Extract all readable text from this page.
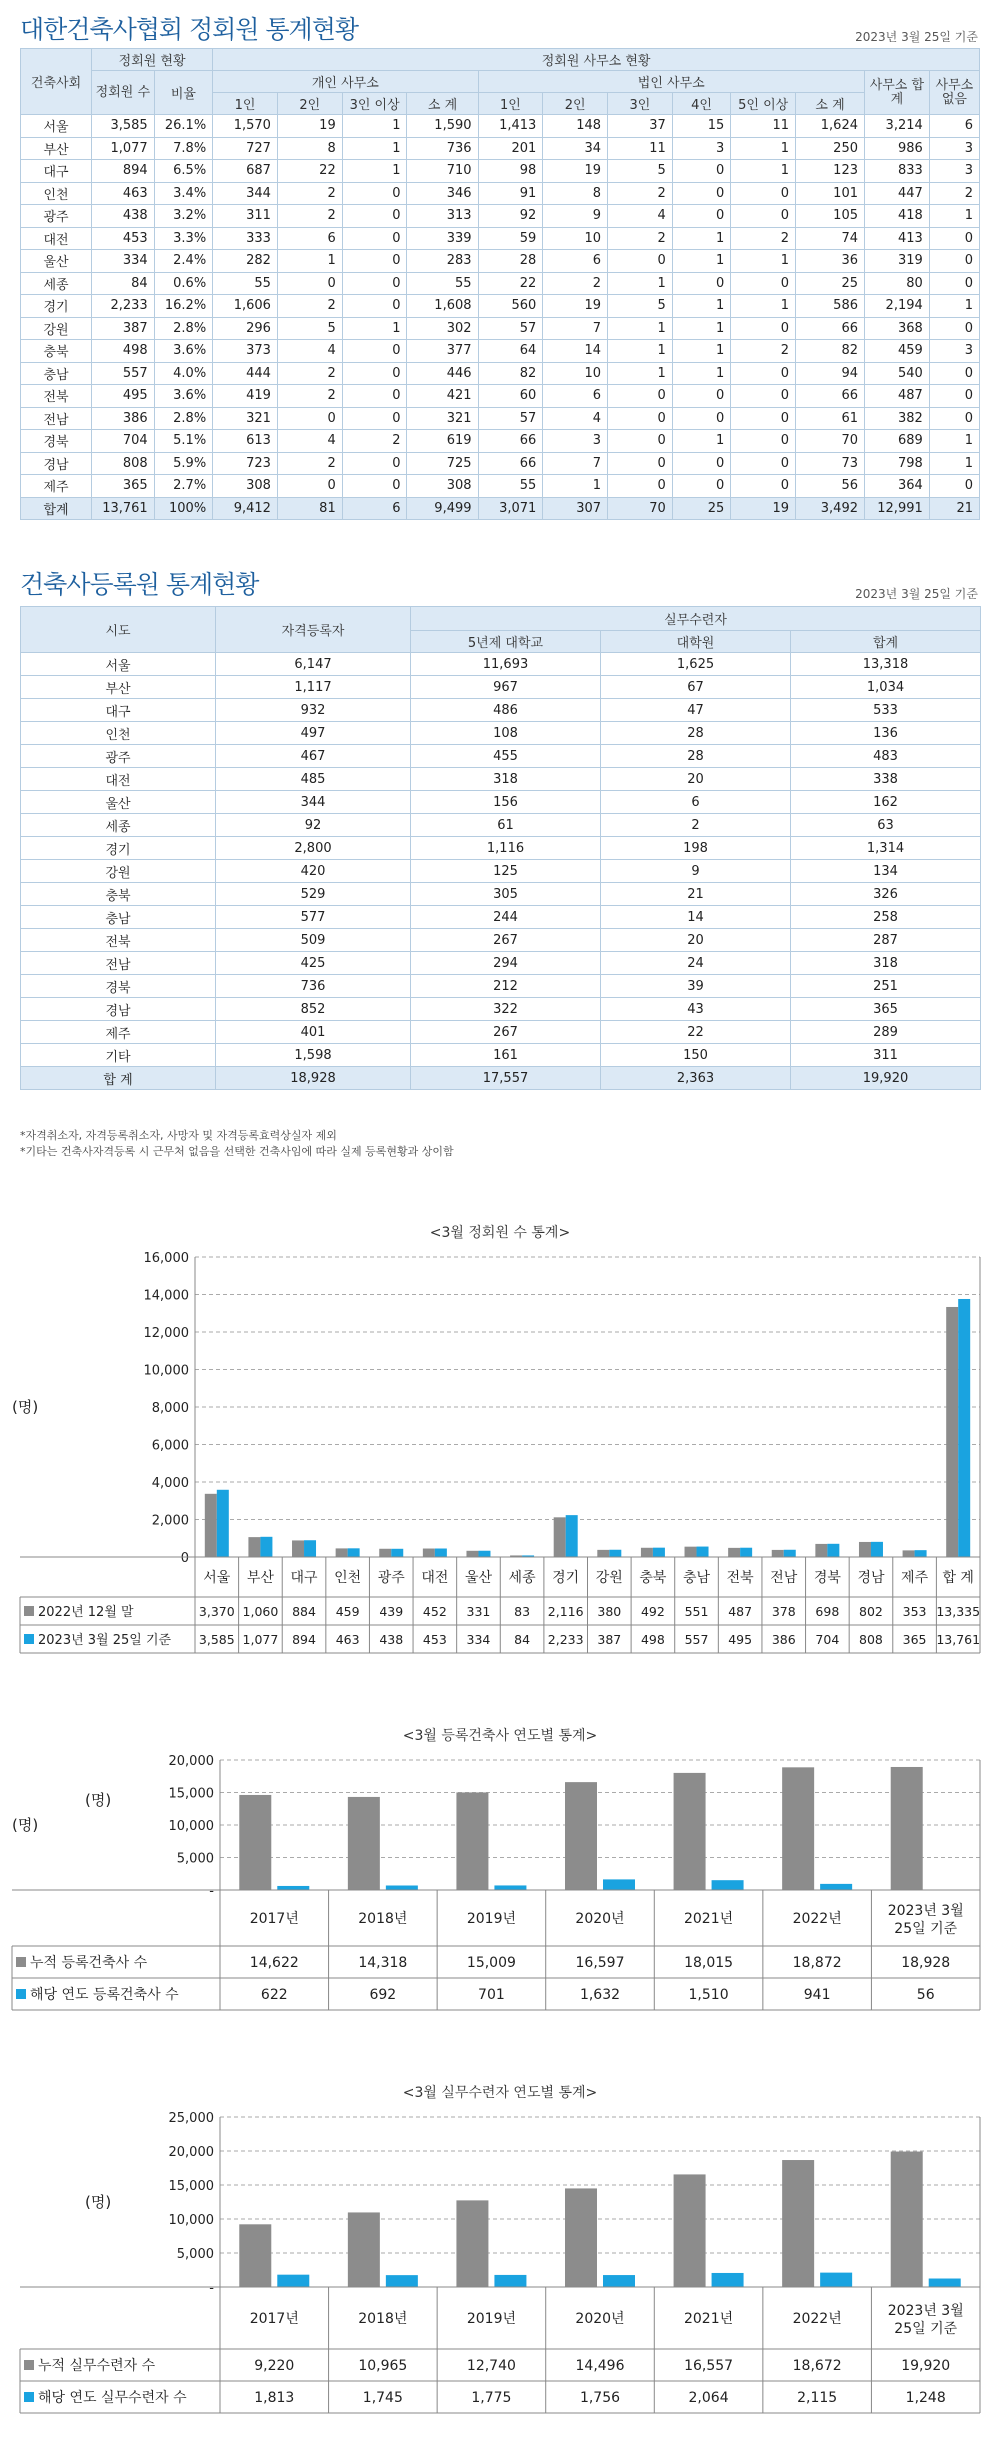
대한건축사협회 정회원 통계현황	2023년 3월 25일 기준
건축사회	정회원 현황		정회원 사무소 현황											
	정회원 수	비율	개인 사무소				법인 사무소						사무소 합계	사무소 없음
			1인	2인	3인 이상	소 계	1인	2인	3인	4인	5인 이상	소 계		
서울	3,585	26.1%	1,570	19	1	1,590	1,413	148	37	15	11	1,624	3,214	6
부산	1,077	7.8%	727	8	1	736	201	34	11	3	1	250	986	3
대구	894	6.5%	687	22	1	710	98	19	5	0	1	123	833	3
인천	463	3.4%	344	2	0	346	91	8	2	0	0	101	447	2
광주	438	3.2%	311	2	0	313	92	9	4	0	0	105	418	1
대전	453	3.3%	333	6	0	339	59	10	2	1	2	74	413	0
울산	334	2.4%	282	1	0	283	28	6	0	1	1	36	319	0
세종	84	0.6%	55	0	0	55	22	2	1	0	0	25	80	0
경기	2,233	16.2%	1,606	2	0	1,608	560	19	5	1	1	586	2,194	1
강원	387	2.8%	296	5	1	302	57	7	1	1	0	66	368	0
충북	498	3.6%	373	4	0	377	64	14	1	1	2	82	459	3
충남	557	4.0%	444	2	0	446	82	10	1	1	0	94	540	0
전북	495	3.6%	419	2	0	421	60	6	0	0	0	66	487	0
전남	386	2.8%	321	0	0	321	57	4	0	0	0	61	382	0
경북	704	5.1%	613	4	2	619	66	3	0	1	0	70	689	1
경남	808	5.9%	723	2	0	725	66	7	0	0	0	73	798	1
제주	365	2.7%	308	0	0	308	55	1	0	0	0	56	364	0
합계	13,761	100%	9,412	81	6	9,499	3,071	307	70	25	19	3,492	12,991	21
건축사등록원 통계현황	2023년 3월 25일 기준
시도	자격등록자	실무수련자		
		5년제 대학교	대학원	합계
서울	6,147	11,693	1,625	13,318
부산	1,117	967	67	1,034
대구	932	486	47	533
인천	497	108	28	136
광주	467	455	28	483
대전	485	318	20	338
울산	344	156	6	162
세종	92	61	2	63
경기	2,800	1,116	198	1,314
강원	420	125	9	134
충북	529	305	21	326
충남	577	244	14	258
전북	509	267	20	287
전남	425	294	24	318
경북	736	212	39	251
경남	852	322	43	365
제주	401	267	22	289
기타	1,598	161	150	311
합 계	18,928	17,557	2,363	19,920
*자격취소자, 자격등록취소자, 사망자 및 자격등록효력상실자 제외
*기타는 건축사자격등록 시 근무처 없음을 선택한 건축사임에 따라 실제 등록현황과 상이함
<3월 정회원 수 통계>
(명)
0
2,000
4,000
6,000
8,000
10,000
12,000
14,000
16,000
서울 부산 대구 인천 광주 대전 울산 세종 경기 강원 충북 충남 전북 전남 경북 경남 제주 합 계
2022년 12월 말	3,370 1,060 884 459 439 452 331 83 2,116 380 492 551 487 378 698 802 353 13,335
2023년 3월 25일 기준 3,585 1,077 894 463 438 453 334 84 2,233 387 498 557 495 386 704 808 365 13,761
<3월 등록건축사 연도별 통계>
(명)
(명)
-
5,000
10,000
15,000
20,000
2017년	2018년	2019년	2020년	2021년	2022년	2023년 3월
25일 기준
누적 등록건축사 수	14,622	14,318	15,009	16,597	18,015	18,872	18,928
해당 연도 등록건축사 수	622	692	701	1,632	1,510	941	56
<3월 실무수련자 연도별 통계>
(명)
-
5,000
10,000
15,000
20,000
25,000
2017년	2018년	2019년	2020년	2021년	2022년	2023년 3월
25일 기준
누적 실무수련자 수	9,220	10,965	12,740	14,496	16,557	18,672	19,920
해당 연도 실무수련자 수	1,813	1,745	1,775	1,756	2,064	2,115	1,248
